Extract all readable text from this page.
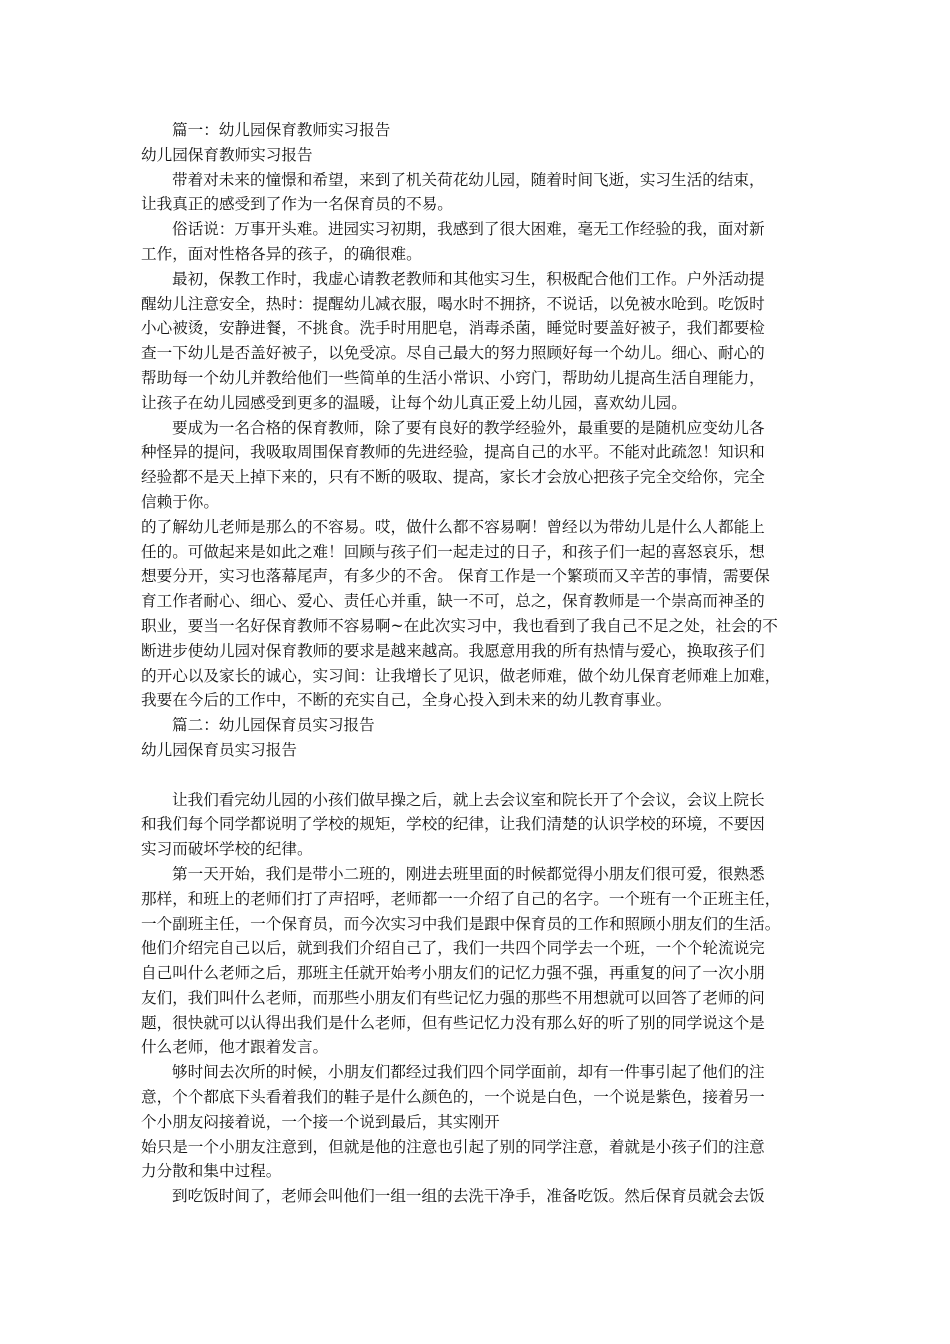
篇一：幼儿园保育教师实习报告
幼儿园保育教师实习报告
带着对未来的憧憬和希望，来到了机关荷花幼儿园，随着时间飞逝，实习生活的结束，
让我真正的感受到了作为一名保育员的不易。
俗话说：万事开头难。进园实习初期，我感到了很大困难，毫无工作经验的我，面对新
工作，面对性格各异的孩子，的确很难。
最初，保教工作时，我虚心请教老教师和其他实习生，积极配合他们工作。户外活动提
醒幼儿注意安全，热时：提醒幼儿减衣服，喝水时不拥挤，不说话，以免被水呛到。吃饭时
小心被烫，安静进餐，不挑食。洗手时用肥皂，消毒杀菌，睡觉时要盖好被子，我们都要检
查一下幼儿是否盖好被子，以免受凉。尽自己最大的努力照顾好每一个幼儿。细心、耐心的
帮助每一个幼儿并教给他们一些简单的生活小常识、小窍门，帮助幼儿提高生活自理能力，
让孩子在幼儿园感受到更多的温暖，让每个幼儿真正爱上幼儿园，喜欢幼儿园。
要成为一名合格的保育教师，除了要有良好的教学经验外，最重要的是随机应变幼儿各
种怪异的提问，我吸取周围保育教师的先进经验，提高自己的水平。不能对此疏忽！知识和
经验都不是天上掉下来的，只有不断的吸取、提高，家长才会放心把孩子完全交给你，完全
信赖于你。
的了解幼儿老师是那么的不容易。哎，做什么都不容易啊！曾经以为带幼儿是什么人都能上
任的。可做起来是如此之难！回顾与孩子们一起走过的日子，和孩子们一起的喜怒哀乐，想
想要分开，实习也落幕尾声，有多少的不舍。 保育工作是一个繁琐而又辛苦的事情，需要保
育工作者耐心、细心、爱心、责任心并重，缺一不可，总之，保育教师是一个崇高而神圣的
职业，要当一名好保育教师不容易啊~在此次实习中，我也看到了我自己不足之处，社会的不
断进步使幼儿园对保育教师的要求是越来越高。我愿意用我的所有热情与爱心，换取孩子们
的开心以及家长的诚心，实习间：让我增长了见识，做老师难，做个幼儿保育老师难上加难，
我要在今后的工作中，不断的充实自己，全身心投入到未来的幼儿教育事业。
篇二：幼儿园保育员实习报告
幼儿园保育员实习报告
让我们看完幼儿园的小孩们做早操之后，就上去会议室和院长开了个会议，会议上院长
和我们每个同学都说明了学校的规矩，学校的纪律，让我们清楚的认识学校的环境，不要因
实习而破坏学校的纪律。
第一天开始，我们是带小二班的，刚进去班里面的时候都觉得小朋友们很可爱，很熟悉
那样，和班上的老师们打了声招呼，老师都一一介绍了自己的名字。一个班有一个正班主任，
一个副班主任，一个保育员，而今次实习中我们是跟中保育员的工作和照顾小朋友们的生活。
他们介绍完自己以后，就到我们介绍自己了，我们一共四个同学去一个班，一个个轮流说完
自己叫什么老师之后，那班主任就开始考小朋友们的记忆力强不强，再重复的问了一次小朋
友们，我们叫什么老师，而那些小朋友们有些记忆力强的那些不用想就可以回答了老师的问
题，很快就可以认得出我们是什么老师，但有些记忆力没有那么好的听了别的同学说这个是
什么老师，他才跟着发言。
够时间去次所的时候，小朋友们都经过我们四个同学面前，却有一件事引起了他们的注
意，个个都底下头看着我们的鞋子是什么颜色的，一个说是白色，一个说是紫色，接着另一
个小朋友闷接着说，一个接一个说到最后，其实刚开
始只是一个小朋友注意到，但就是他的注意也引起了别的同学注意，着就是小孩子们的注意
力分散和集中过程。
到吃饭时间了，老师会叫他们一组一组的去洗干净手，准备吃饭。然后保育员就会去饭
